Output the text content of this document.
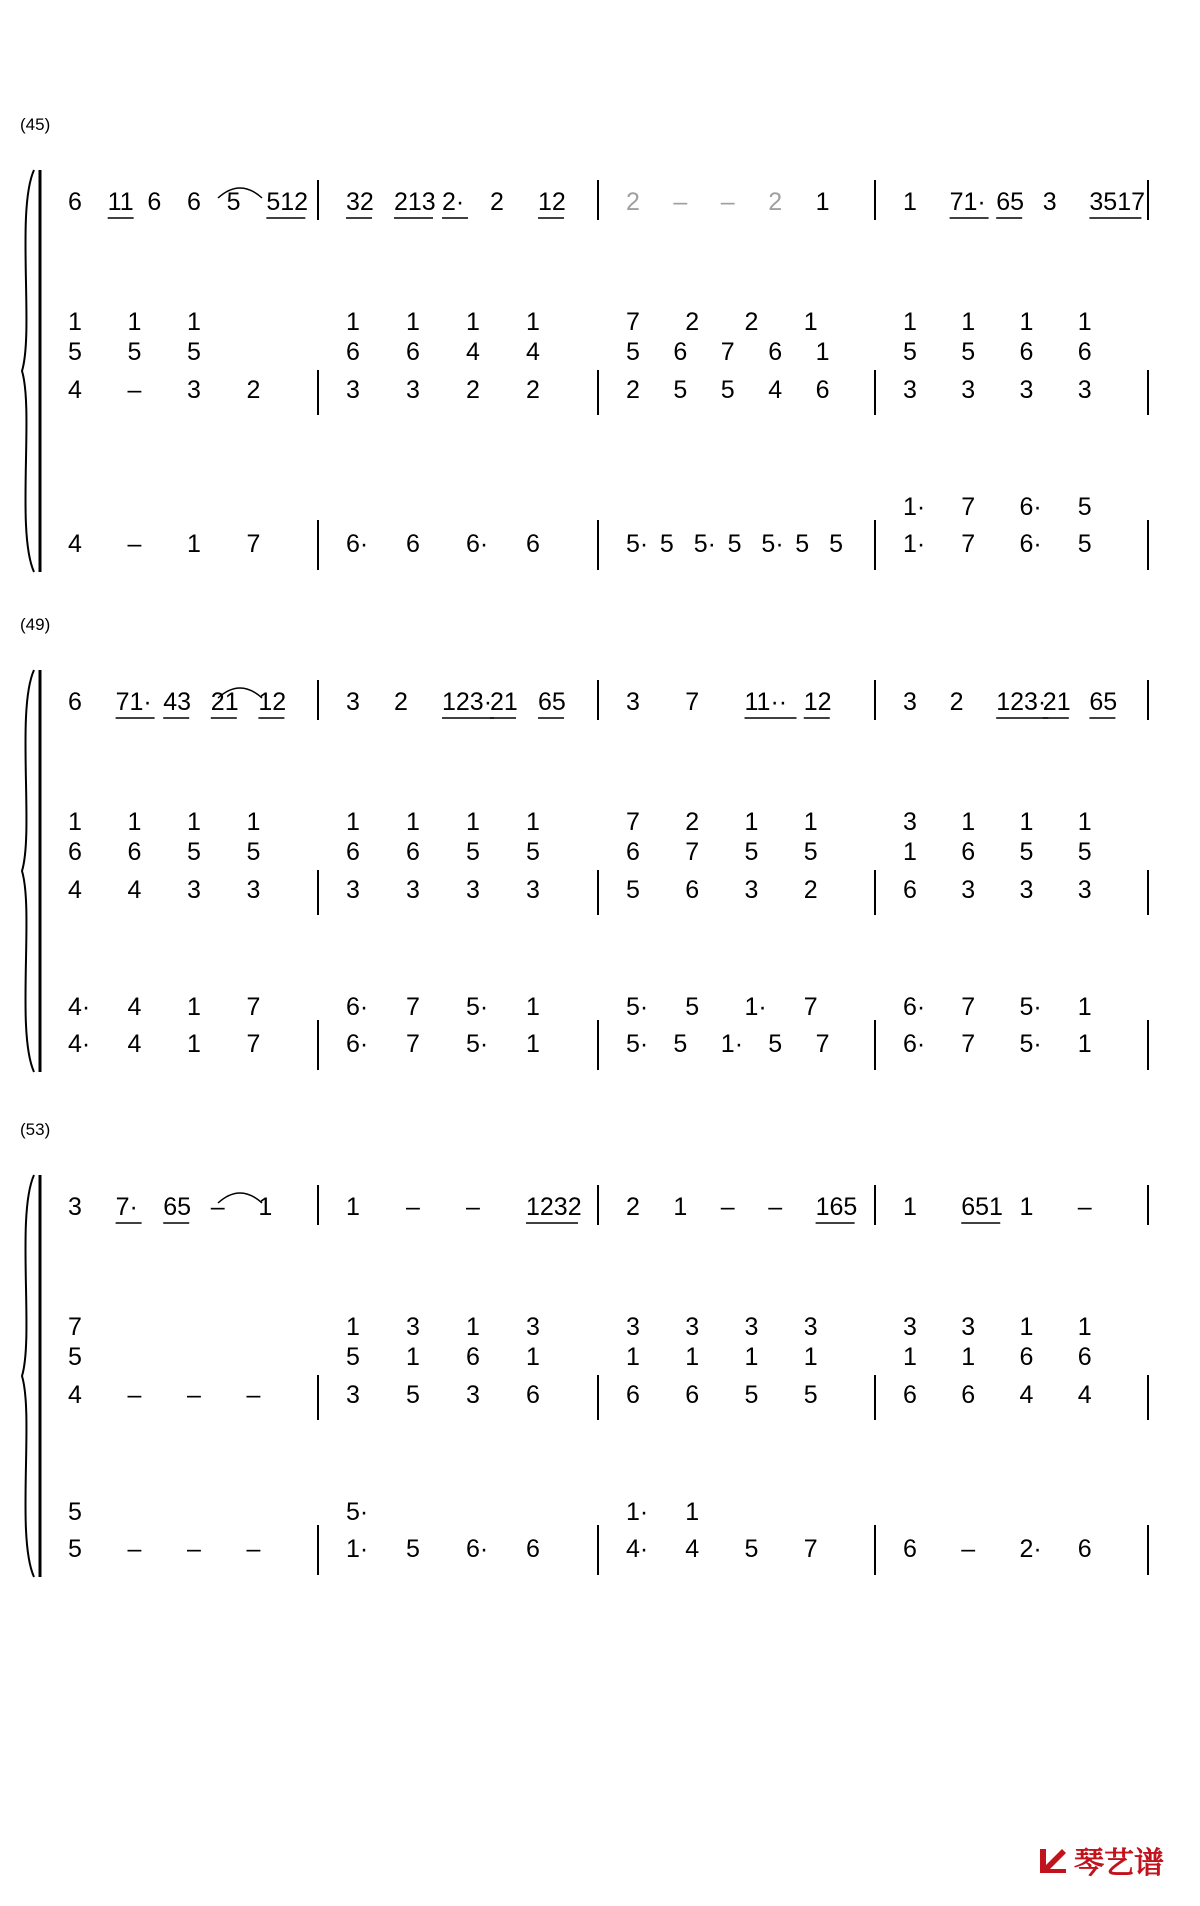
(45)
6 11 6 6 5 512
1 1 1
5 5 5
4 – 3 2
4 – 1 7
32 213 2· 2 12
1 1 1 1
6 6 4 4
3 3 2 2
6· 6 6· 6
2 – – 2 1
7 2 2 1
5 6 7 6 1
2 5 5 4 6
5· 5 5· 5 5· 5 5
1 71· 65 3 3517
1 1 1 1
5 5 6 6
3 3 3 3
1· 7 6· 5
1· 7 6· 5
(49)
6 71· 43 21 12
1 1 1 1
6 6 5 5
4 4 3 3
4· 4 1 7
4· 4 1 7
3 2 123·
21 65
1 1 1 1
6 6 5 5
3 3 3 3
6· 7 5· 1
6· 7 5· 1
3 7 11·· 12
7 2 1 1
6 7 5 5
5 6 3 2
5· 5 1· 7
5· 5 1· 5 7
3 2 123·
21 65
3 1 1 1
1 6 5 5
6 3 3 3
6· 7 5· 1
6· 7 5· 1
(53)
3 7· 65 – 1
7
5
4 – – –
5
5 – – –
1 – – 1232
1 3 1 3
5 1 6 1
3 5 3 6
5·
1· 5 6· 6
2 1 – – 165
3 3 3 3
1 1 1 1
6 6 5 5
1· 1
4· 4 5 7
1 651 1 –
3 3 1 1
1 1 6 6
6 6 4 4
6 – 2· 6
琴艺谱
